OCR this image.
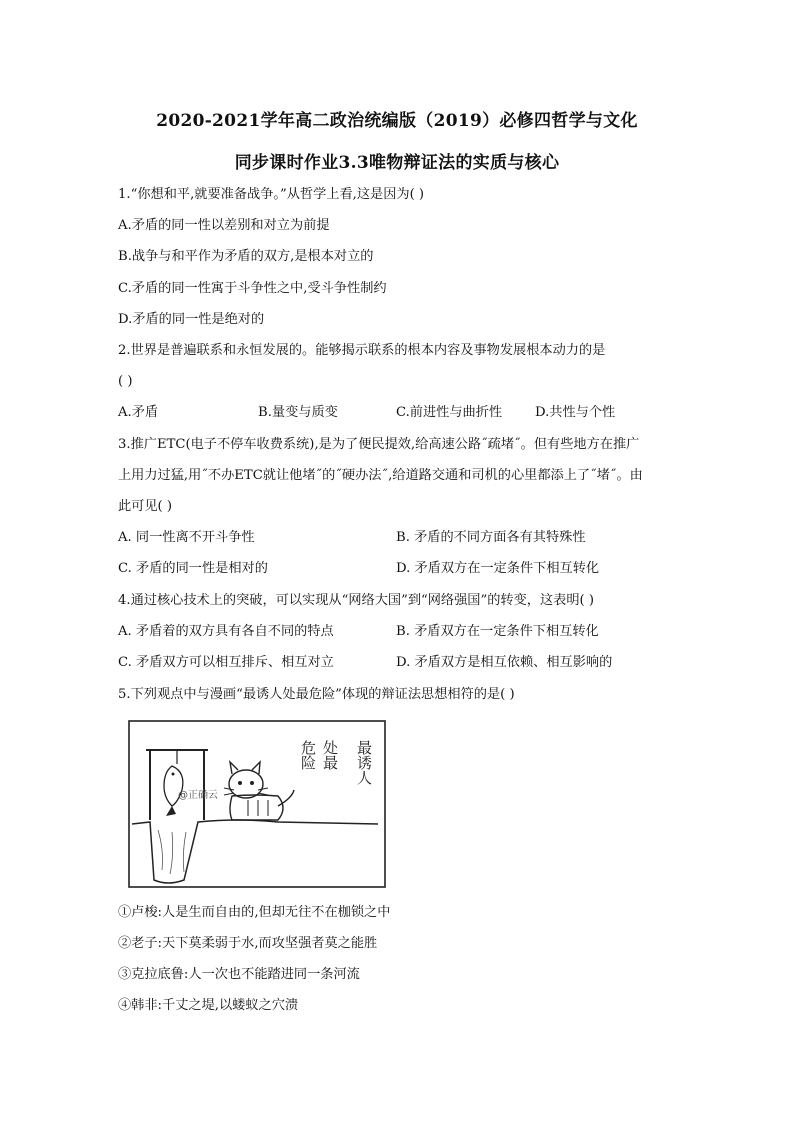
2020-2021学年高二政治统编版（2019）必修四哲学与文化
同步课时作业3.3唯物辩证法的实质与核心
1.“你想和平,就要准备战争。”从哲学上看,这是因为( )
A.矛盾的同一性以差别和对立为前提
B.战争与和平作为矛盾的双方,是根本对立的
C.矛盾的同一性寓于斗争性之中,受斗争性制约
D.矛盾的同一性是绝对的
2.世界是普遍联系和永恒发展的。能够揭示联系的根本内容及事物发展根本动力的是
( )
A.矛盾	B.量变与质变	C.前进性与曲折性 D.共性与个性
3.推广ETC(电子不停车收费系统),是为了便民提效,给高速公路˝疏堵˝。但有些地方在推广
上用力过猛,用˝不办ETC就让他堵˝的˝硬办法˝,给道路交通和司机的心里都添上了˝堵˝。由
此可见( )
A. 同一性离不开斗争性	B. 矛盾的不同方面各有其特殊性
C. 矛盾的同一性是相对的	D. 矛盾双方在一定条件下相互转化
4.通过核心技术上的突破，可以实现从“网络大国”到“网络强国”的转变，这表明( )
A. 矛盾着的双方具有各自不同的特点	B. 矛盾双方在一定条件下相互转化
C. 矛盾双方可以相互排斥、相互对立	D. 矛盾双方是相互依赖、相互影响的
5.下列观点中与漫画“最诱人处最危险”体现的辩证法思想相符的是( )
最诱人
处最
危险
@正确云
①卢梭:人是生而自由的,但却无往不在枷锁之中
②老子:天下莫柔弱于水,而攻坚强者莫之能胜
③克拉底鲁:人一次也不能踏进同一条河流
④韩非:千丈之堤,以蝼蚁之穴溃
